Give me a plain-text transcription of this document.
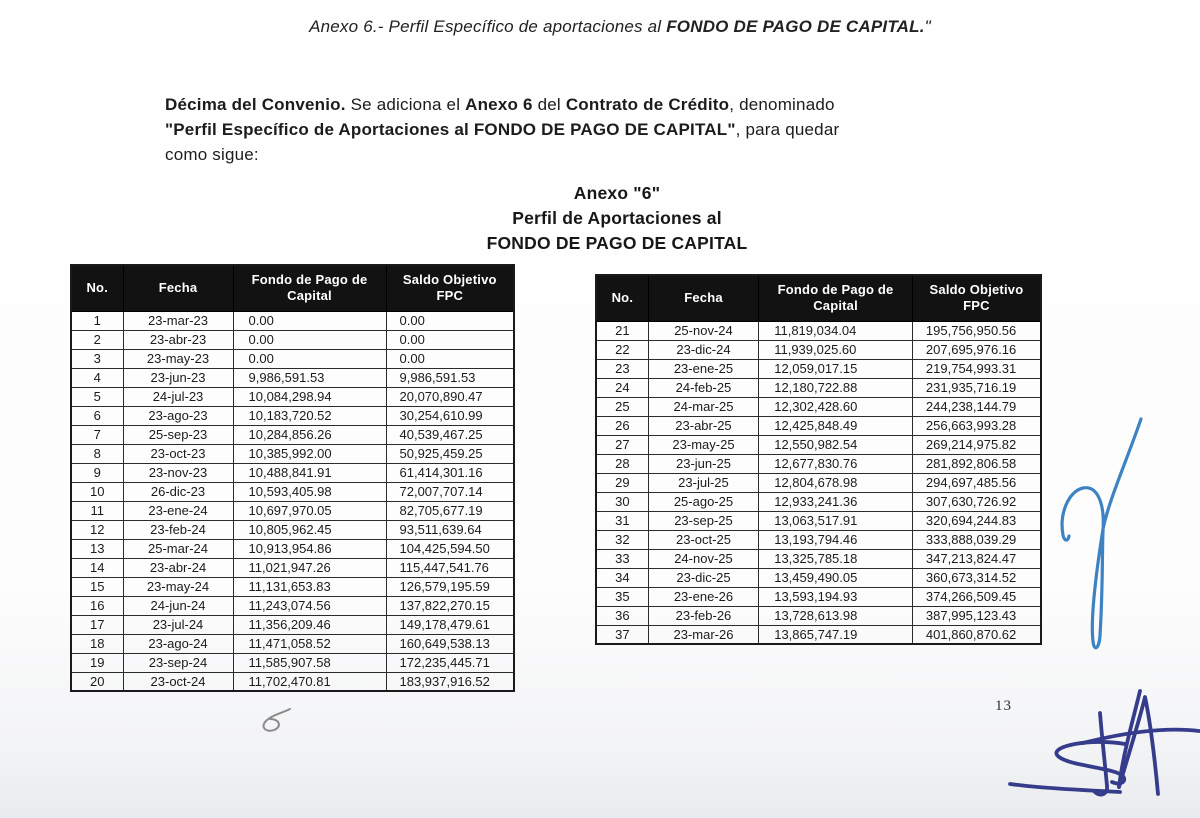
Anexo 6.- Perfil Específico de aportaciones al FONDO DE PAGO DE CAPITAL."
Décima del Convenio. Se adiciona el Anexo 6 del Contrato de Crédito, denominado
"Perfil Específico de Aportaciones al FONDO DE PAGO DE CAPITAL", para quedar
como sigue:
Anexo "6"
Perfil de Aportaciones al
FONDO DE PAGO DE CAPITAL
No.	Fecha	Fondo de Pago de Capital	Saldo Objetivo FPC
1	23-mar-23	0.00	0.00
2	23-abr-23	0.00	0.00
3	23-may-23	0.00	0.00
4	23-jun-23	9,986,591.53	9,986,591.53
5	24-jul-23	10,084,298.94	20,070,890.47
6	23-ago-23	10,183,720.52	30,254,610.99
7	25-sep-23	10,284,856.26	40,539,467.25
8	23-oct-23	10,385,992.00	50,925,459.25
9	23-nov-23	10,488,841.91	61,414,301.16
10	26-dic-23	10,593,405.98	72,007,707.14
11	23-ene-24	10,697,970.05	82,705,677.19
12	23-feb-24	10,805,962.45	93,511,639.64
13	25-mar-24	10,913,954.86	104,425,594.50
14	23-abr-24	11,021,947.26	115,447,541.76
15	23-may-24	11,131,653.83	126,579,195.59
16	24-jun-24	11,243,074.56	137,822,270.15
17	23-jul-24	11,356,209.46	149,178,479.61
18	23-ago-24	11,471,058.52	160,649,538.13
19	23-sep-24	11,585,907.58	172,235,445.71
20	23-oct-24	11,702,470.81	183,937,916.52
No.	Fecha	Fondo de Pago de Capital	Saldo Objetivo FPC
21	25-nov-24	11,819,034.04	195,756,950.56
22	23-dic-24	11,939,025.60	207,695,976.16
23	23-ene-25	12,059,017.15	219,754,993.31
24	24-feb-25	12,180,722.88	231,935,716.19
25	24-mar-25	12,302,428.60	244,238,144.79
26	23-abr-25	12,425,848.49	256,663,993.28
27	23-may-25	12,550,982.54	269,214,975.82
28	23-jun-25	12,677,830.76	281,892,806.58
29	23-jul-25	12,804,678.98	294,697,485.56
30	25-ago-25	12,933,241.36	307,630,726.92
31	23-sep-25	13,063,517.91	320,694,244.83
32	23-oct-25	13,193,794.46	333,888,039.29
33	24-nov-25	13,325,785.18	347,213,824.47
34	23-dic-25	13,459,490.05	360,673,314.52
35	23-ene-26	13,593,194.93	374,266,509.45
36	23-feb-26	13,728,613.98	387,995,123.43
37	23-mar-26	13,865,747.19	401,860,870.62
13
